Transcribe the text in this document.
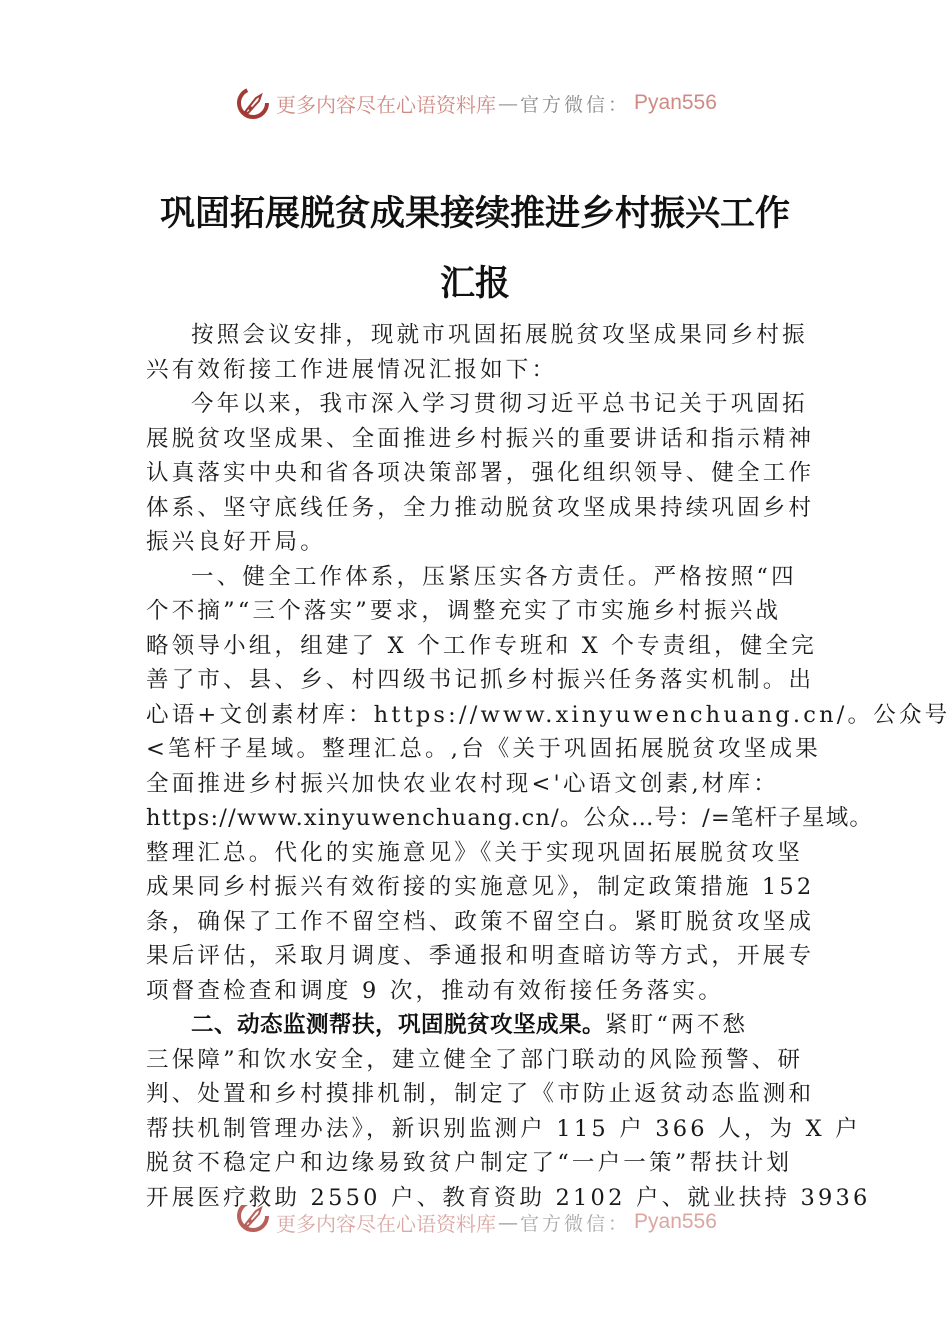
更多内容尽在心语资料库 — 官方微信： Pyan556
巩固拓展脱贫成果接续推进乡村振兴工作
汇报

按照会议安排，现就市巩固拓展脱贫攻坚成果同乡村振
兴有效衔接工作进展情况汇报如下：

今年以来，我市深入学习贯彻习近平总书记关于巩固拓
展脱贫攻坚成果、全面推进乡村振兴的重要讲话和指示精神
认真落实中央和省各项决策部署，强化组织领导、健全工作
体系、坚守底线任务，全力推动脱贫攻坚成果持续巩固乡村
振兴良好开局。

一、健全工作体系，压紧压实各方责任。严格按照“四
个不摘”“三个落实”要求，调整充实了市实施乡村振兴战
略领导小组，组建了 X 个工作专班和 X 个专责组，健全完
善了市、县、乡、村四级书记抓乡村振兴任务落实机制。出
心语+文创素材库：https://www.xinyuwenchuang.cn/。公众号
<笔杆子星域。整理汇总。,台《关于巩固拓展脱贫攻坚成果
全面推进乡村振兴加快农业农村现<'心语文创素,材库：
https://www.xinyuwenchuang.cn/。公众…号：/=笔杆子星域。
整理汇总。代化的实施意见》《关于实现巩固拓展脱贫攻坚
成果同乡村振兴有效衔接的实施意见》，制定政策措施 152
条，确保了工作不留空档、政策不留空白。紧盯脱贫攻坚成
果后评估，采取月调度、季通报和明查暗访等方式，开展专
项督查检查和调度 9 次，推动有效衔接任务落实。

二、动态监测帮扶，巩固脱贫攻坚成果。紧盯“两不愁
三保障”和饮水安全，建立健全了部门联动的风险预警、研
判、处置和乡村摸排机制，制定了《市防止返贫动态监测和
帮扶机制管理办法》，新识别监测户 115 户 366 人，为 X 户
脱贫不稳定户和边缘易致贫户制定了“一户一策”帮扶计划
开展医疗救助 2550 户、教育资助 2102 户、就业扶持 3936

更多内容尽在心语资料库 — 官方微信： Pyan556
